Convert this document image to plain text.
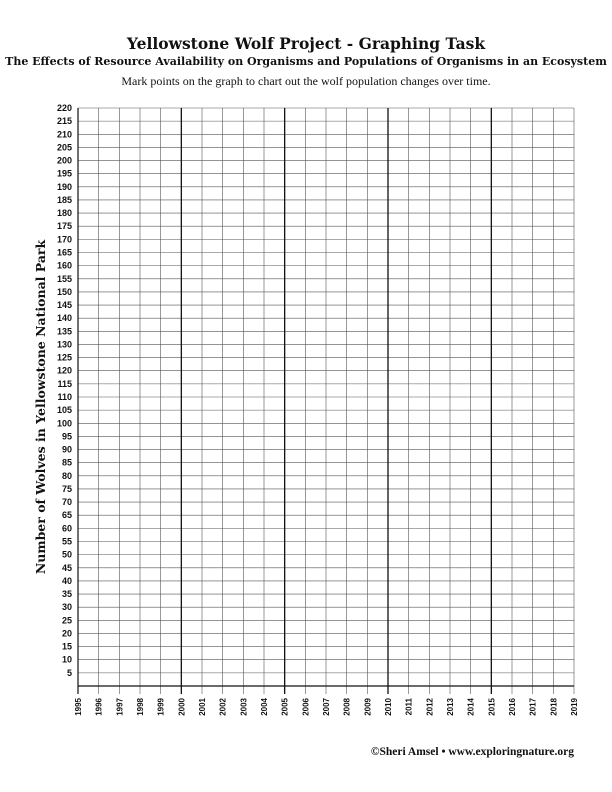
Yellowstone Wolf Project - Graphing Task
The Effects of Resource Availability on Organisms and Populations of Organisms in an Ecosystem
Mark points on the graph to chart out the wolf population changes over time.
5
10
15
20
25
30
35
40
45
50
55
60
65
70
75
80
85
90
95
100
105
110
115
120
125
130
135
140
145
150
155
160
165
170
175
180
185
190
195
200
205
210
215
220
1995 1996 1997 1998 1999 2000 2001 2002 2003 2004 2005 2006 2007 2008 2009 2010 2011 2012 2013 2014 2015 2016 2017 2018 2019
Number of Wolves in Yellowstone National Park
©Sheri Amsel • www.exploringnature.org
